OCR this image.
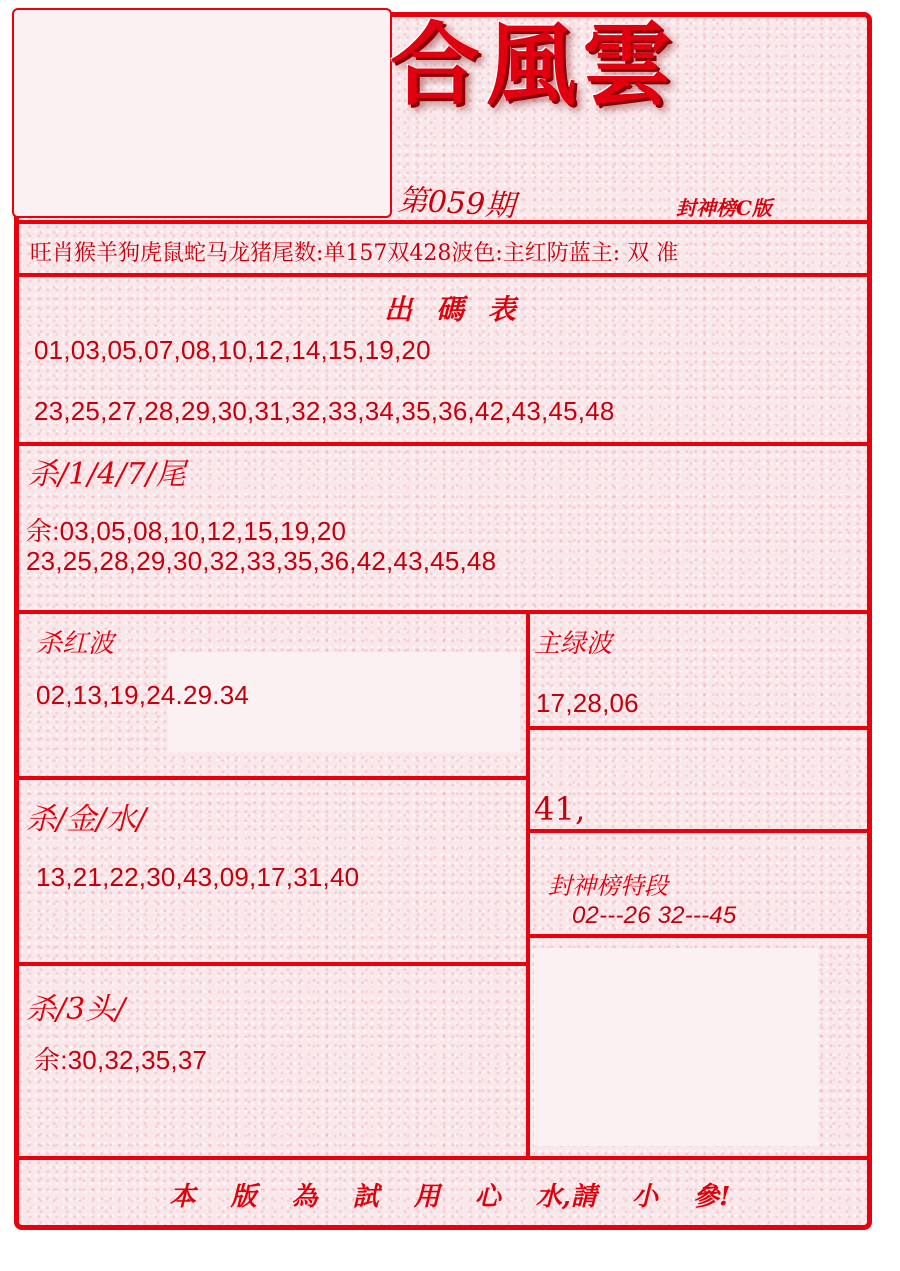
合風雲
第059期	封神榜C版
旺肖猴羊狗虎鼠蛇马龙猪尾数:单157双428波色:主红防蓝主: 双 准
出 碼 表
01,03,05,07,08,10,12,14,15,19,20
23,25,27,28,29,30,31,32,33,34,35,36,42,43,45,48
杀/1/4/7/尾
余:03,05,08,10,12,15,19,20
23,25,28,29,30,32,33,35,36,42,43,45,48
杀红波
02,13,19,24.29.34
主绿波
17,28,06
41,
杀/金/水/
13,21,22,30,43,09,17,31,40	封神榜特段
02---26 32---45
杀/3头/
余:30,32,35,37
本 版 為 試 用 心 水,請 小 參!
